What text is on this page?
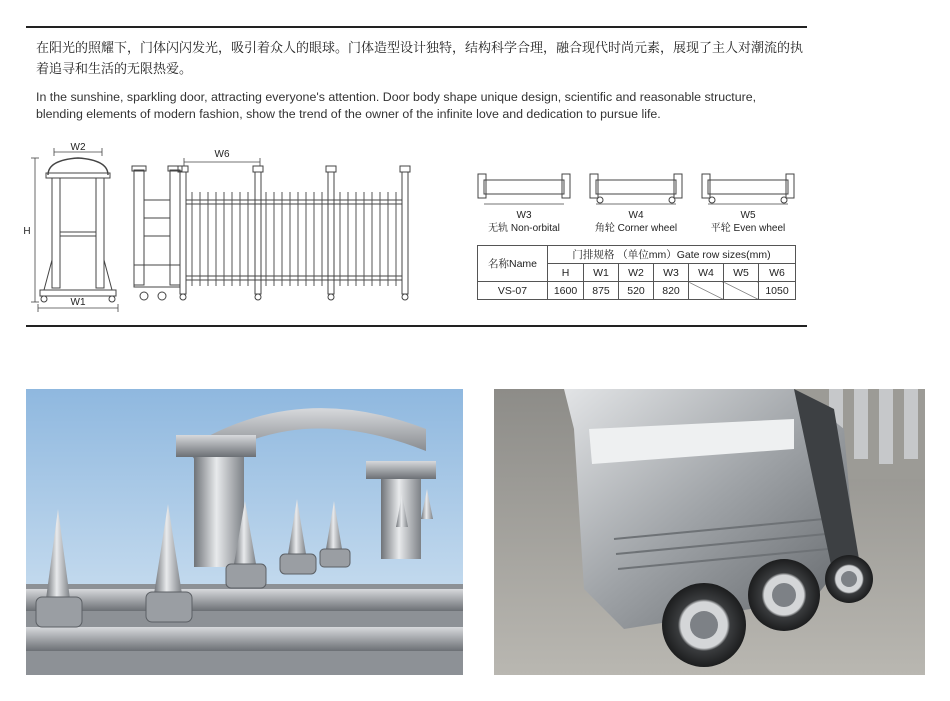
在阳光的照耀下，门体闪闪发光，吸引着众人的眼球。门体造型设计独特，结构科学合理，融合现代时尚元素，展现了主人对潮流的执着追寻和生活的无限热爱。

In the sunshine, sparkling door, attracting everyone's attention. Door body shape unique design, scientific and reasonable structure, blending elements of modern fashion, show the trend of the owner of the infinite love and dedication to pursue life.

W2
H
W1
W6
W3
无轨 Non-orbital
W4
角轮 Corner wheel
W5
平轮 Even wheel
名称Name	门排规格 （单位mm）Gate row sizes(mm)						
	H	W1	W2	W3	W4	W5	W6
VS-07	1600	875	520	820			1050
